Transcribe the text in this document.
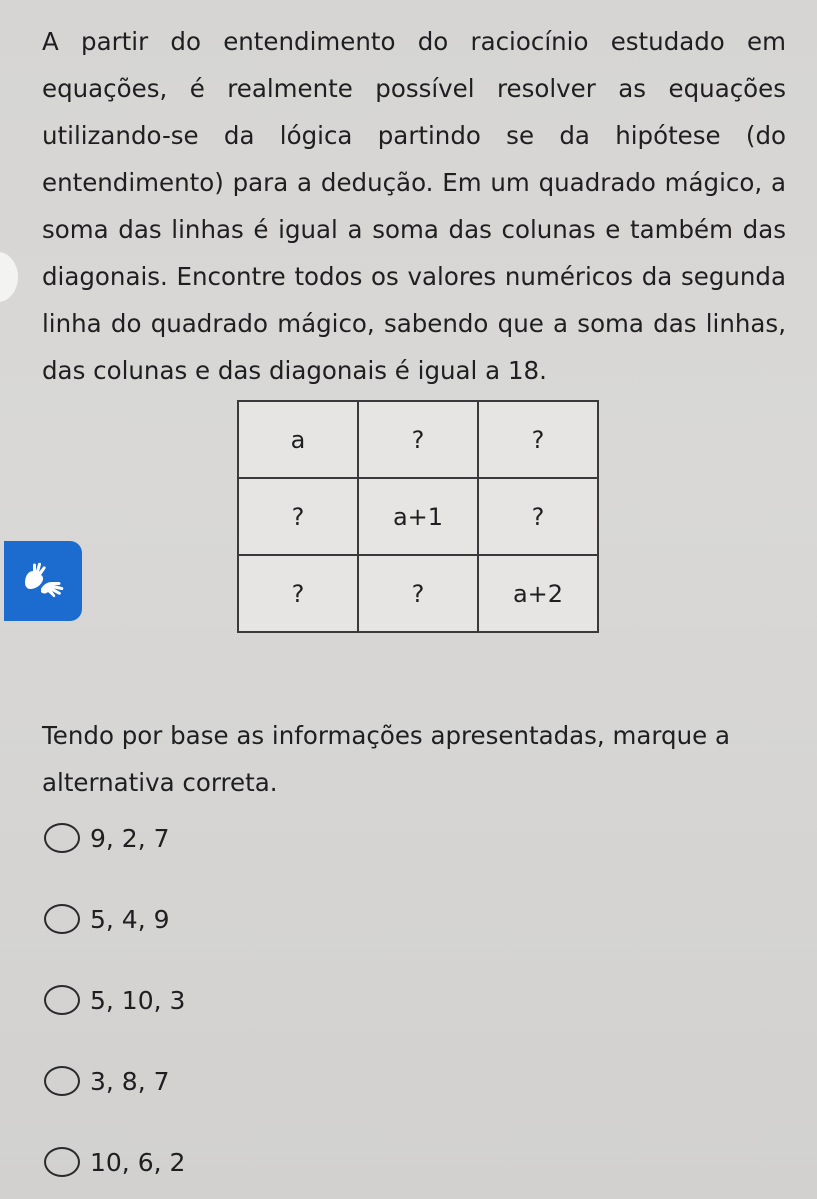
A partir do entendimento do raciocínio estudado em equações, é realmente possível resolver as equações utilizando-se da lógica partindo se da hipótese (do entendimento) para a dedução. Em um quadrado mágico, a soma das linhas é igual a soma das colunas e também das diagonais. Encontre todos os valores numéricos da segunda linha do quadrado mágico, sabendo que a soma das linhas, das colunas e das diagonais é igual a 18.

a	?	?
?	a+1	?
?	?	a+2

Tendo por base as informações apresentadas, marque a alternativa correta.

9, 2, 7
5, 4, 9
5, 10, 3
3, 8, 7
10, 6, 2
